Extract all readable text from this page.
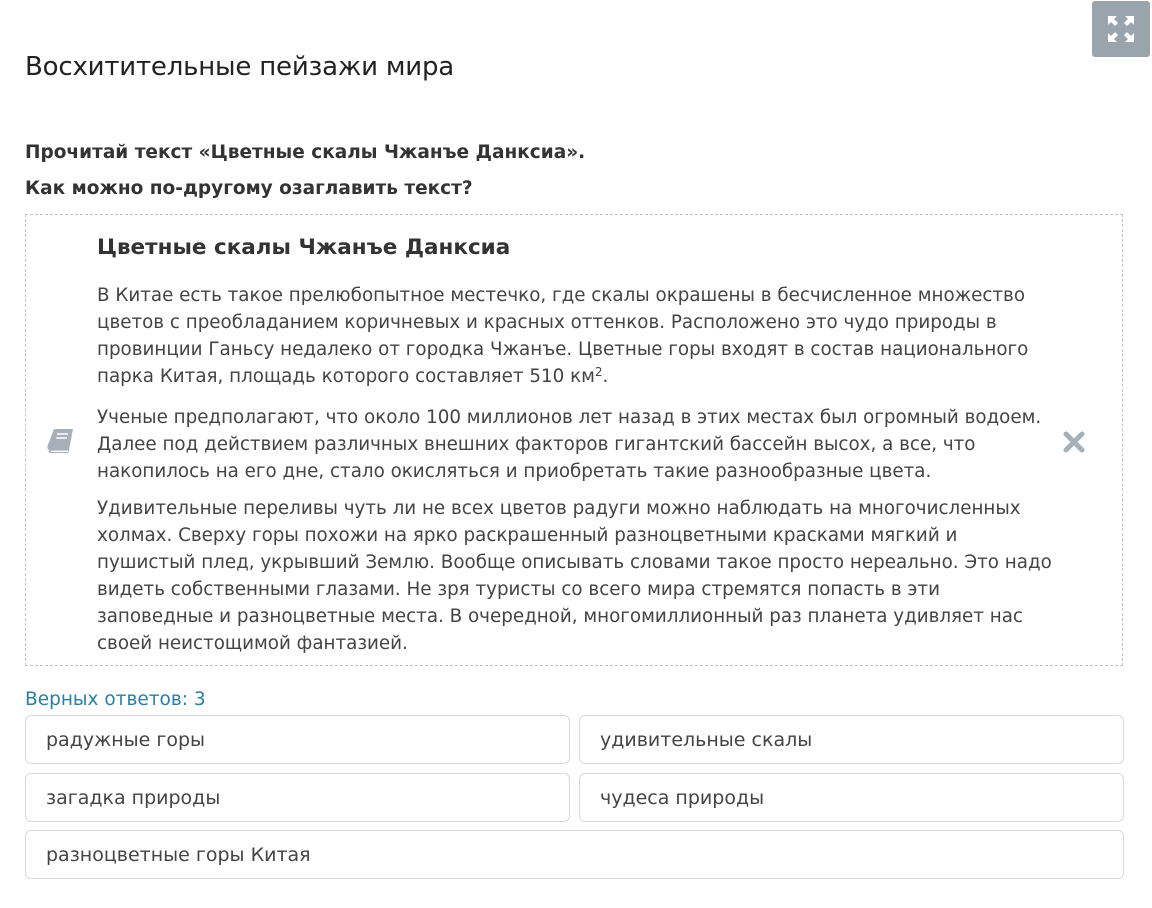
Восхитительные пейзажи мира

Прочитай текст «Цветные скалы Чжанъе Данксиа».

Как можно по-другому озаглавить текст?

Цветные скалы Чжанъе Данксиа

В Китае есть такое прелюбопытное местечко, где скалы окрашены в бесчисленное множество цветов с преобладанием коричневых и красных оттенков. Расположено это чудо природы в провинции Ганьсу недалеко от городка Чжанъе. Цветные горы входят в состав национального парка Китая, площадь которого составляет 510 $км^2$.

Ученые предполагают, что около 100 миллионов лет назад в этих местах был огромный водоем. Далее под действием различных внешних факторов гигантский бассейн высох, а все, что накопилось на его дне, стало окисляться и приобретать такие разнообразные цвета.

Удивительные переливы чуть ли не всех цветов радуги можно наблюдать на многочисленных холмах. Сверху горы похожи на ярко раскрашенный разноцветными красками мягкий и пушистый плед, укрывший Землю. Вообще описывать словами такое просто нереально. Это надо видеть собственными глазами. Не зря туристы со всего мира стремятся попасть в эти заповедные и разноцветные места. В очередной, многомиллионный раз планета удивляет нас своей неистощимой фантазией.

Верных ответов: 3
радужные горы	удивительные скалы
загадка природы	чудеса природы
разноцветные горы Китая
